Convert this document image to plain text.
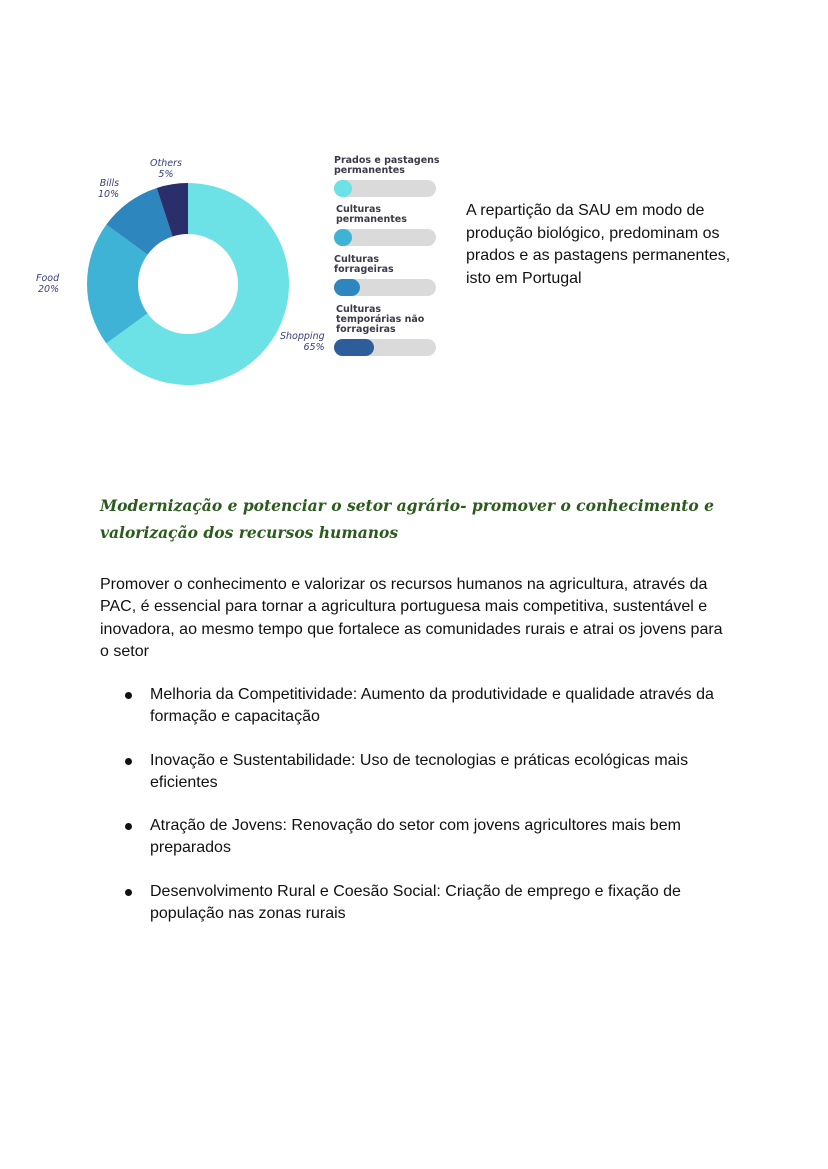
Shopping
65%
Food
20%
Bills
10%
Others
5%
Prados e pastagens permanentes
Culturas permanentes
Culturas forrageiras
Culturas temporárias não forrageiras
A repartição da SAU em modo de produção biológico, predominam os prados e as pastagens permanentes, isto em Portugal
Modernização e potenciar o setor agrário- promover o conhecimento e valorização dos recursos humanos
Promover o conhecimento e valorizar os recursos humanos na agricultura, através da PAC, é essencial para tornar a agricultura portuguesa mais competitiva, sustentável e inovadora, ao mesmo tempo que fortalece as comunidades rurais e atrai os jovens para o setor
Melhoria da Competitividade: Aumento da produtividade e qualidade através da formação e capacitação
Inovação e Sustentabilidade: Uso de tecnologias e práticas ecológicas mais eficientes
Atração de Jovens: Renovação do setor com jovens agricultores mais bem preparados
Desenvolvimento Rural e Coesão Social: Criação de emprego e fixação de população nas zonas rurais
